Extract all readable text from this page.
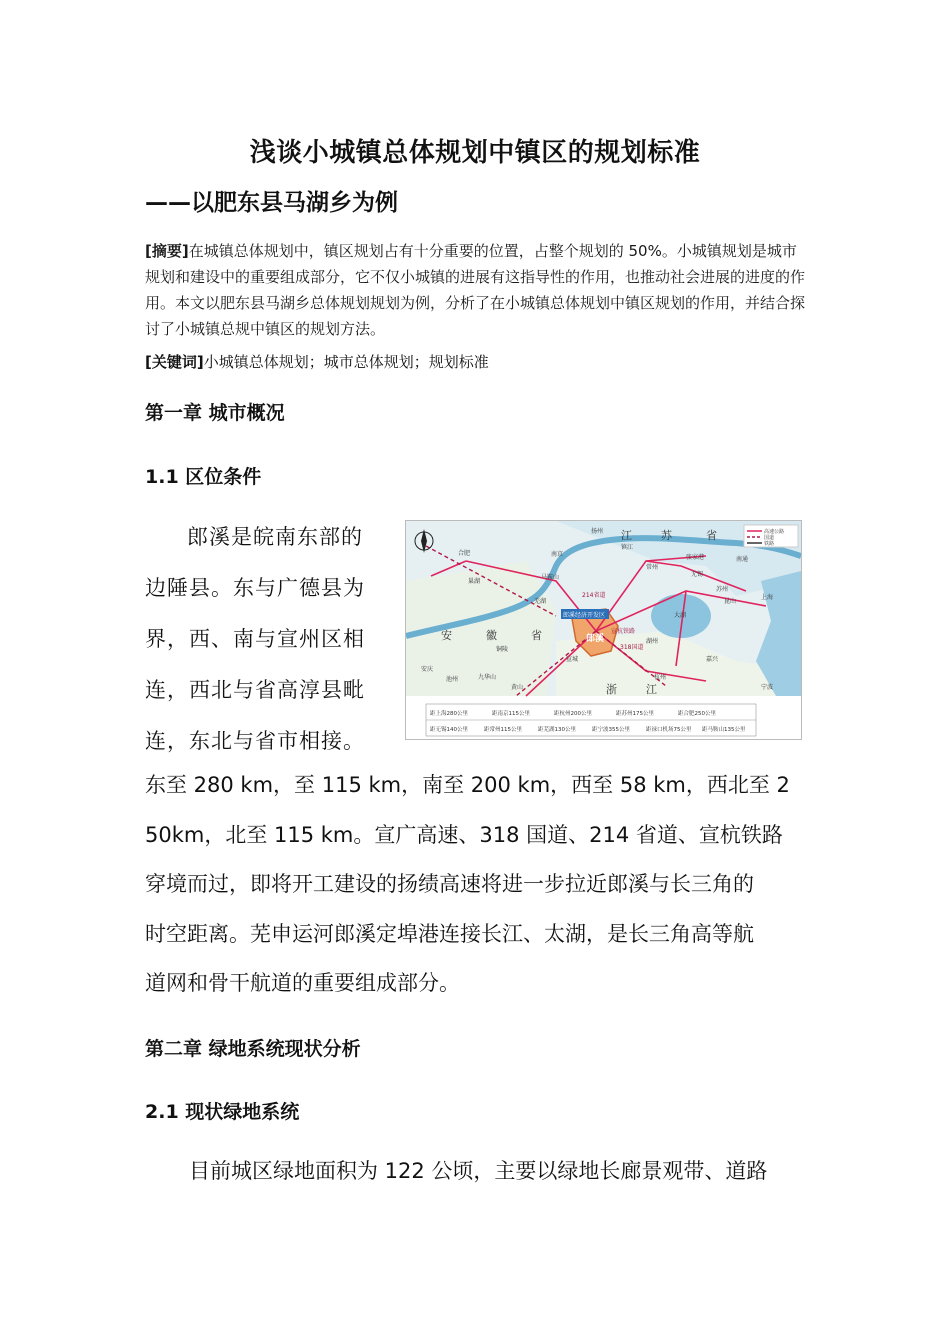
浅谈小城镇总体规划中镇区的规划标准
——以肥东县马湖乡为例
[摘要]在城镇总体规划中，镇区规划占有十分重要的位置，占整个规划的 50%。小城镇规划是城市规划和建设中的重要组成部分，它不仅小城镇的进展有这指导性的作用，也推动社会进展的进度的作用。本文以肥东县马湖乡总体规划规划为例，分析了在小城镇总体规划中镇区规划的作用，并结合探讨了小城镇总规中镇区的规划方法。
[关键词]小城镇总体规划；城市总体规划；规划标准
第一章 城市概况
1.1 区位条件
郎溪是皖南东部的
边陲县。东与广德县为
界，西、南与宣州区相
连，西北与省高淳县毗
连，东北与省市相接。
高速公路
国道
铁路
江	苏	省
安	徽	省
浙	江
郎溪经济开发区
郎溪
合肥
巢湖
芜湖
南京
马鞍山
镇江
常州
无锡
苏州
上海
湖州
嘉兴
杭州
宁波
宣城
铜陵
安庆
黄山
九华山
池州
扬州
大湖
昆山
张家港	南通
214省道
318国道
宣杭铁路
距上海280公里	距南京115公里	距杭州200公里	距苏州175公里	距合肥250公里
距无锡140公里	距常州115公里	距芜湖130公里	距宁波355公里	距禄口机场75公里 距马鞍山135公里
东至 280 km，至 115 km，南至 200 km，西至 58 km，西北至 2
50km，北至 115 km。宣广高速、318 国道、214 省道、宣杭铁路
穿境而过，即将开工建设的扬绩高速将进一步拉近郎溪与长三角的
时空距离。芜申运河郎溪定埠港连接长江、太湖，是长三角高等航
道网和骨干航道的重要组成部分。
第二章 绿地系统现状分析
2.1 现状绿地系统
目前城区绿地面积为 122 公顷，主要以绿地长廊景观带、道路
